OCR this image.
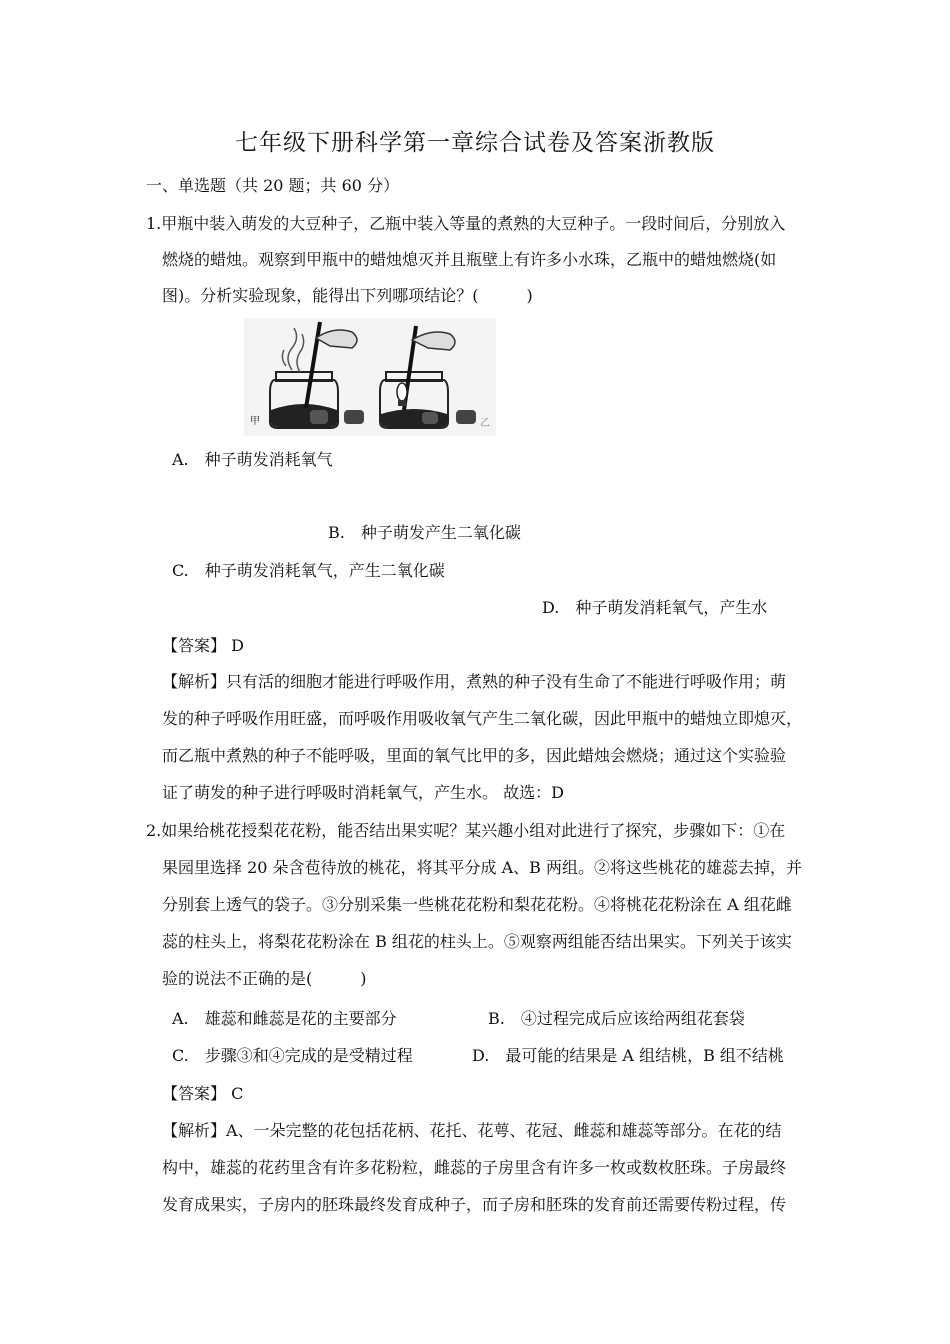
七年级下册科学第一章综合试卷及答案浙教版
一、单选题（共 20 题；共 60 分）
1.甲瓶中装入萌发的大豆种子，乙瓶中装入等量的煮熟的大豆种子。一段时间后，分别放入
燃烧的蜡烛。观察到甲瓶中的蜡烛熄灭并且瓶壁上有许多小水珠，乙瓶中的蜡烛燃烧(如
图)。分析实验现象，能得出下列哪项结论？(　　　)
甲	乙
A.　种子萌发消耗氧气
B.　种子萌发产生二氧化碳
C.　种子萌发消耗氧气，产生二氧化碳
D.　种子萌发消耗氧气，产生水
【答案】 D
【解析】只有活的细胞才能进行呼吸作用，煮熟的种子没有生命了不能进行呼吸作用；萌
发的种子呼吸作用旺盛，而呼吸作用吸收氧气产生二氧化碳，因此甲瓶中的蜡烛立即熄灭，
而乙瓶中煮熟的种子不能呼吸，里面的氧气比甲的多，因此蜡烛会燃烧；通过这个实验验
证了萌发的种子进行呼吸时消耗氧气，产生水。 故选：D
2.如果给桃花授梨花花粉，能否结出果实呢？某兴趣小组对此进行了探究，步骤如下：①在
果园里选择 20 朵含苞待放的桃花，将其平分成 A、B 两组。②将这些桃花的雄蕊去掉，并
分别套上透气的袋子。③分别采集一些桃花花粉和梨花花粉。④将桃花花粉涂在 A 组花雌
蕊的柱头上，将梨花花粉涂在 B 组花的柱头上。⑤观察两组能否结出果实。下列关于该实
验的说法不正确的是(　　　)
A.　雄蕊和雌蕊是花的主要部分	B.　④过程完成后应该给两组花套袋
C.　步骤③和④完成的是受精过程	D.　最可能的结果是 A 组结桃，B 组不结桃
【答案】 C
【解析】A、一朵完整的花包括花柄、花托、花萼、花冠、雌蕊和雄蕊等部分。在花的结
构中，雄蕊的花药里含有许多花粉粒，雌蕊的子房里含有许多一枚或数枚胚珠。子房最终
发育成果实，子房内的胚珠最终发育成种子，而子房和胚珠的发育前还需要传粉过程，传
